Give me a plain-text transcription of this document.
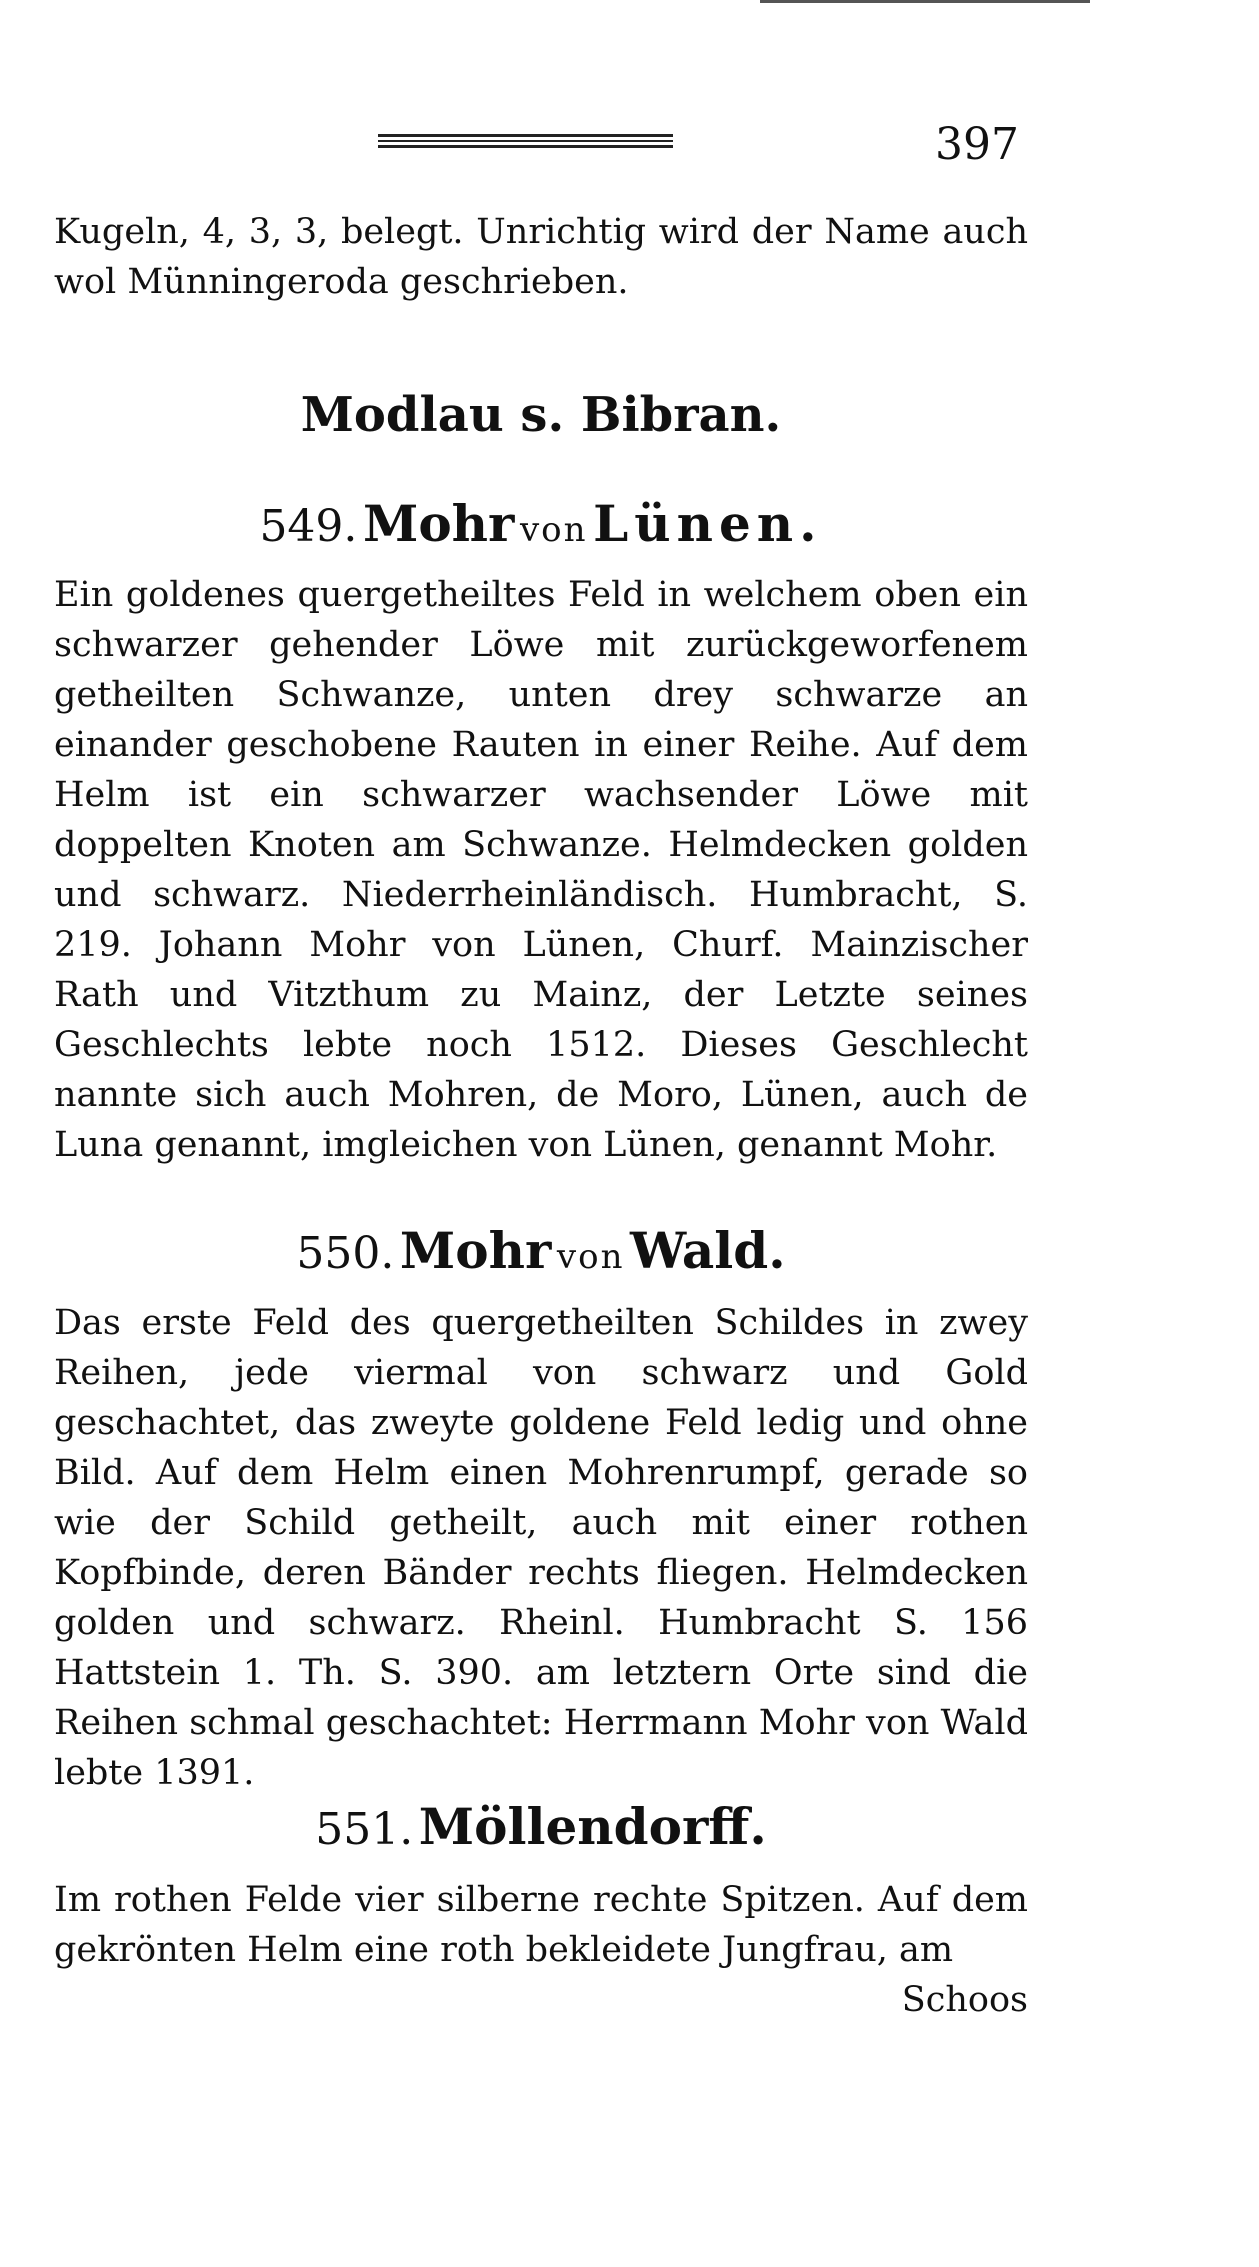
397
Kugeln, 4, 3, 3, belegt. Unrichtig wird der Name auch wol Münningeroda geschrieben.
Modlau s. Bibran.
549. Mohr von Lünen.
Ein goldenes quergetheiltes Feld in welchem oben ein schwarzer gehender Löwe mit zurückgeworfenem getheilten Schwanze, unten drey schwarze an einander geschobene Rauten in einer Reihe. Auf dem Helm ist ein schwarzer wachsender Löwe mit doppelten Knoten am Schwanze. Helmdecken golden und schwarz. Niederrheinländisch. Humbracht, S. 219. Johann Mohr von Lünen, Churf. Mainzischer Rath und Vitzthum zu Mainz, der Letzte seines Geschlechts lebte noch 1512. Dieses Geschlecht nannte sich auch Mohren, de Moro, Lünen, auch de Luna genannt, imgleichen von Lünen, genannt Mohr.
550. Mohr von Wald.
Das erste Feld des quergetheilten Schildes in zwey Reihen, jede viermal von schwarz und Gold geschachtet, das zweyte goldene Feld ledig und ohne Bild. Auf dem Helm einen Mohrenrumpf, gerade so wie der Schild getheilt, auch mit einer rothen Kopfbinde, deren Bänder rechts fliegen. Helmdecken golden und schwarz. Rheinl. Humbracht S. 156 Hattstein 1. Th. S. 390. am letztern Orte sind die Reihen schmal geschachtet: Herrmann Mohr von Wald lebte 1391.
551. Möllendorff.
Im rothen Felde vier silberne rechte Spitzen. Auf dem gekrönten Helm eine roth bekleidete Jungfrau, am
Schoos
